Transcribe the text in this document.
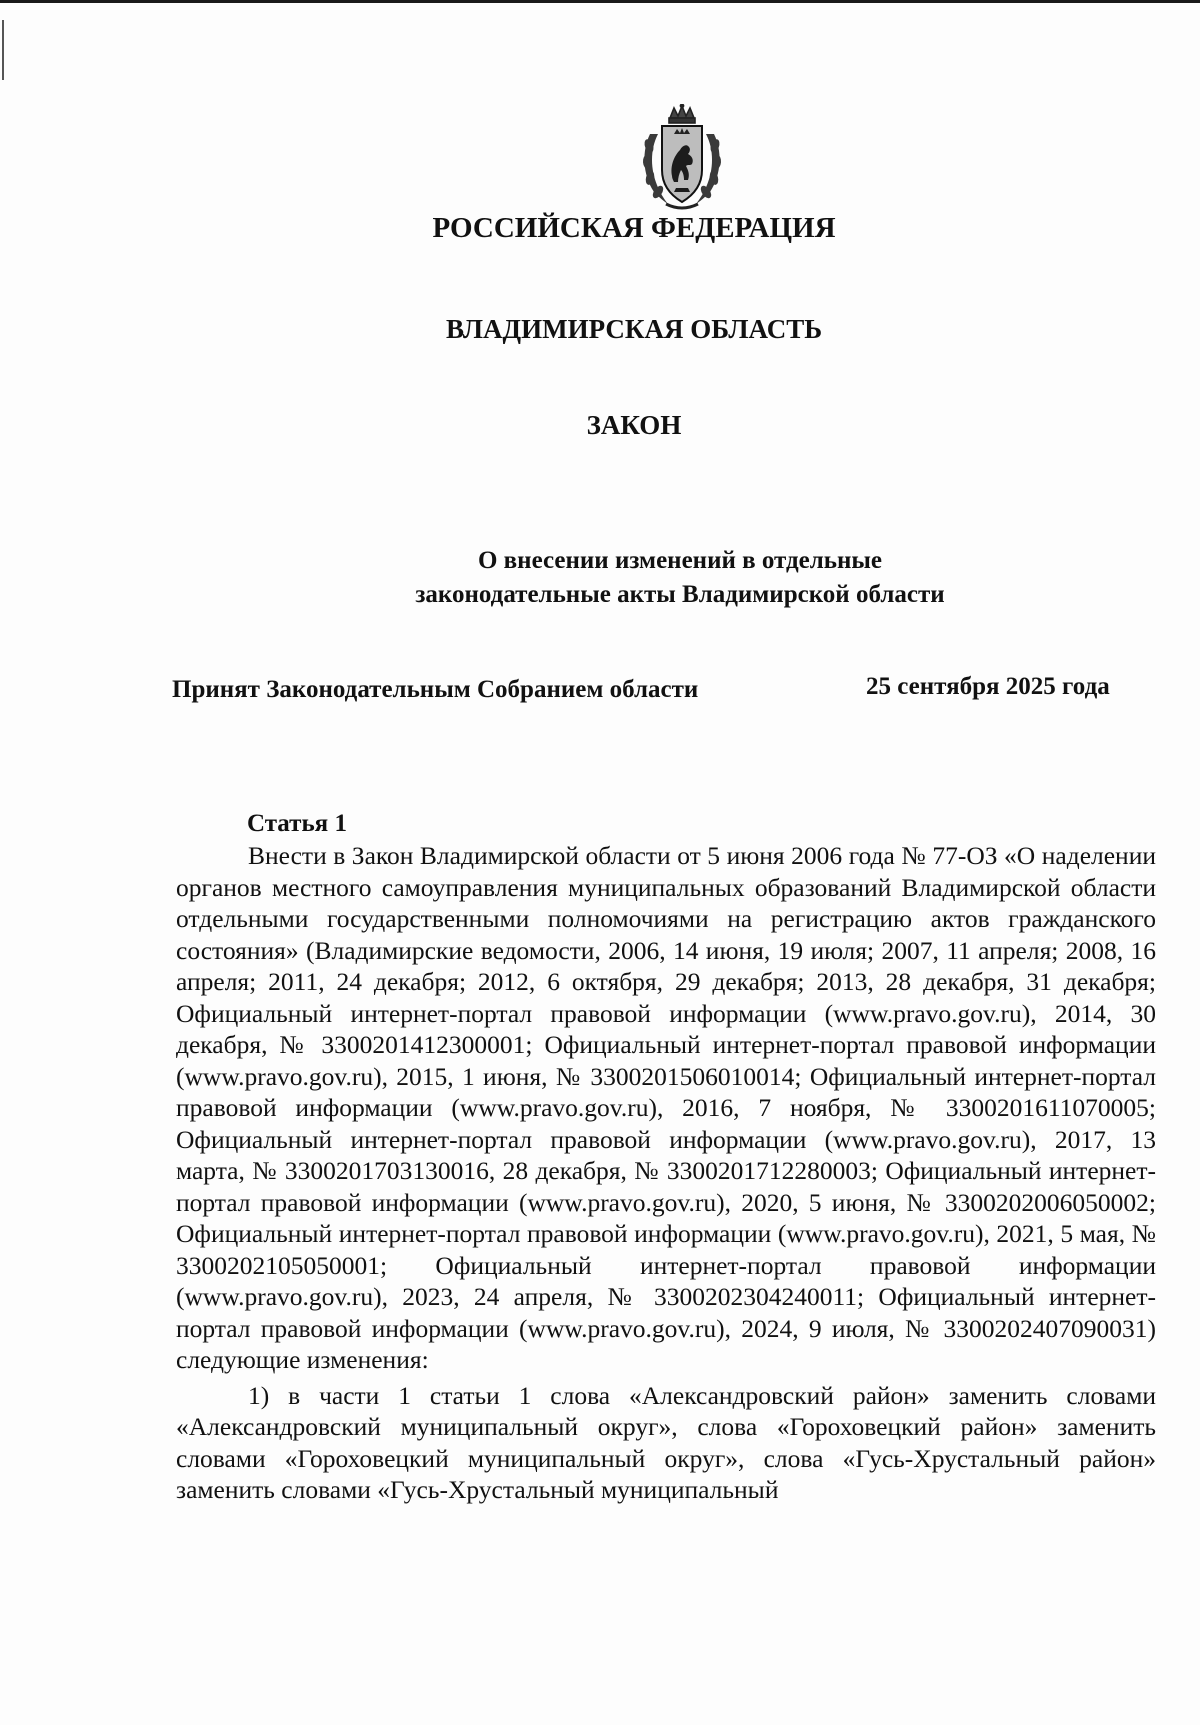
РОССИЙСКАЯ ФЕДЕРАЦИЯ
ВЛАДИМИРСКАЯ ОБЛАСТЬ
ЗАКОН
О внесении изменений в отдельные
законодательные акты Владимирской области
Принят Законодательным Собранием области	25 сентября 2025 года
Статья 1

Внести в Закон Владимирской области от 5 июня 2006 года № 77-ОЗ «О наделении органов местного самоуправления муниципальных образований Владимирской области отдельными государственными полномочиями на регистрацию актов гражданского состояния» (Владимирские ведомости, 2006, 14 июня, 19 июля; 2007, 11 апреля; 2008, 16 апреля; 2011, 24 декабря; 2012, 6 октября, 29 декабря; 2013, 28 декабря, 31 декабря; Официальный интернет-портал правовой информации (www.pravo.gov.ru), 2014, 30 декабря, № 3300201412300001; Официальный интернет-портал правовой информации (www.pravo.gov.ru), 2015, 1 июня, № 3300201506010014; Официальный интернет-портал правовой информации (www.pravo.gov.ru), 2016, 7 ноября, № 3300201611070005; Официальный интернет-портал правовой информации (www.pravo.gov.ru), 2017, 13 марта, № 3300201703130016, 28 декабря, № 3300201712280003; Официальный интернет-портал правовой информации (www.pravo.gov.ru), 2020, 5 июня, № 3300202006050002; Официальный интернет-портал правовой информации (www.pravo.gov.ru), 2021, 5 мая, № 3300202105050001; Официальный интернет-портал правовой информации (www.pravo.gov.ru), 2023, 24 апреля, № 3300202304240011; Официальный интернет-портал правовой информации (www.pravo.gov.ru), 2024, 9 июля, № 3300202407090031) следующие изменения:

1) в части 1 статьи 1 слова «Александровский район» заменить словами «Александровский муниципальный округ», слова «Гороховецкий район» заменить словами «Гороховецкий муниципальный округ», слова «Гусь-Хрустальный район» заменить словами «Гусь-Хрустальный муниципальный
